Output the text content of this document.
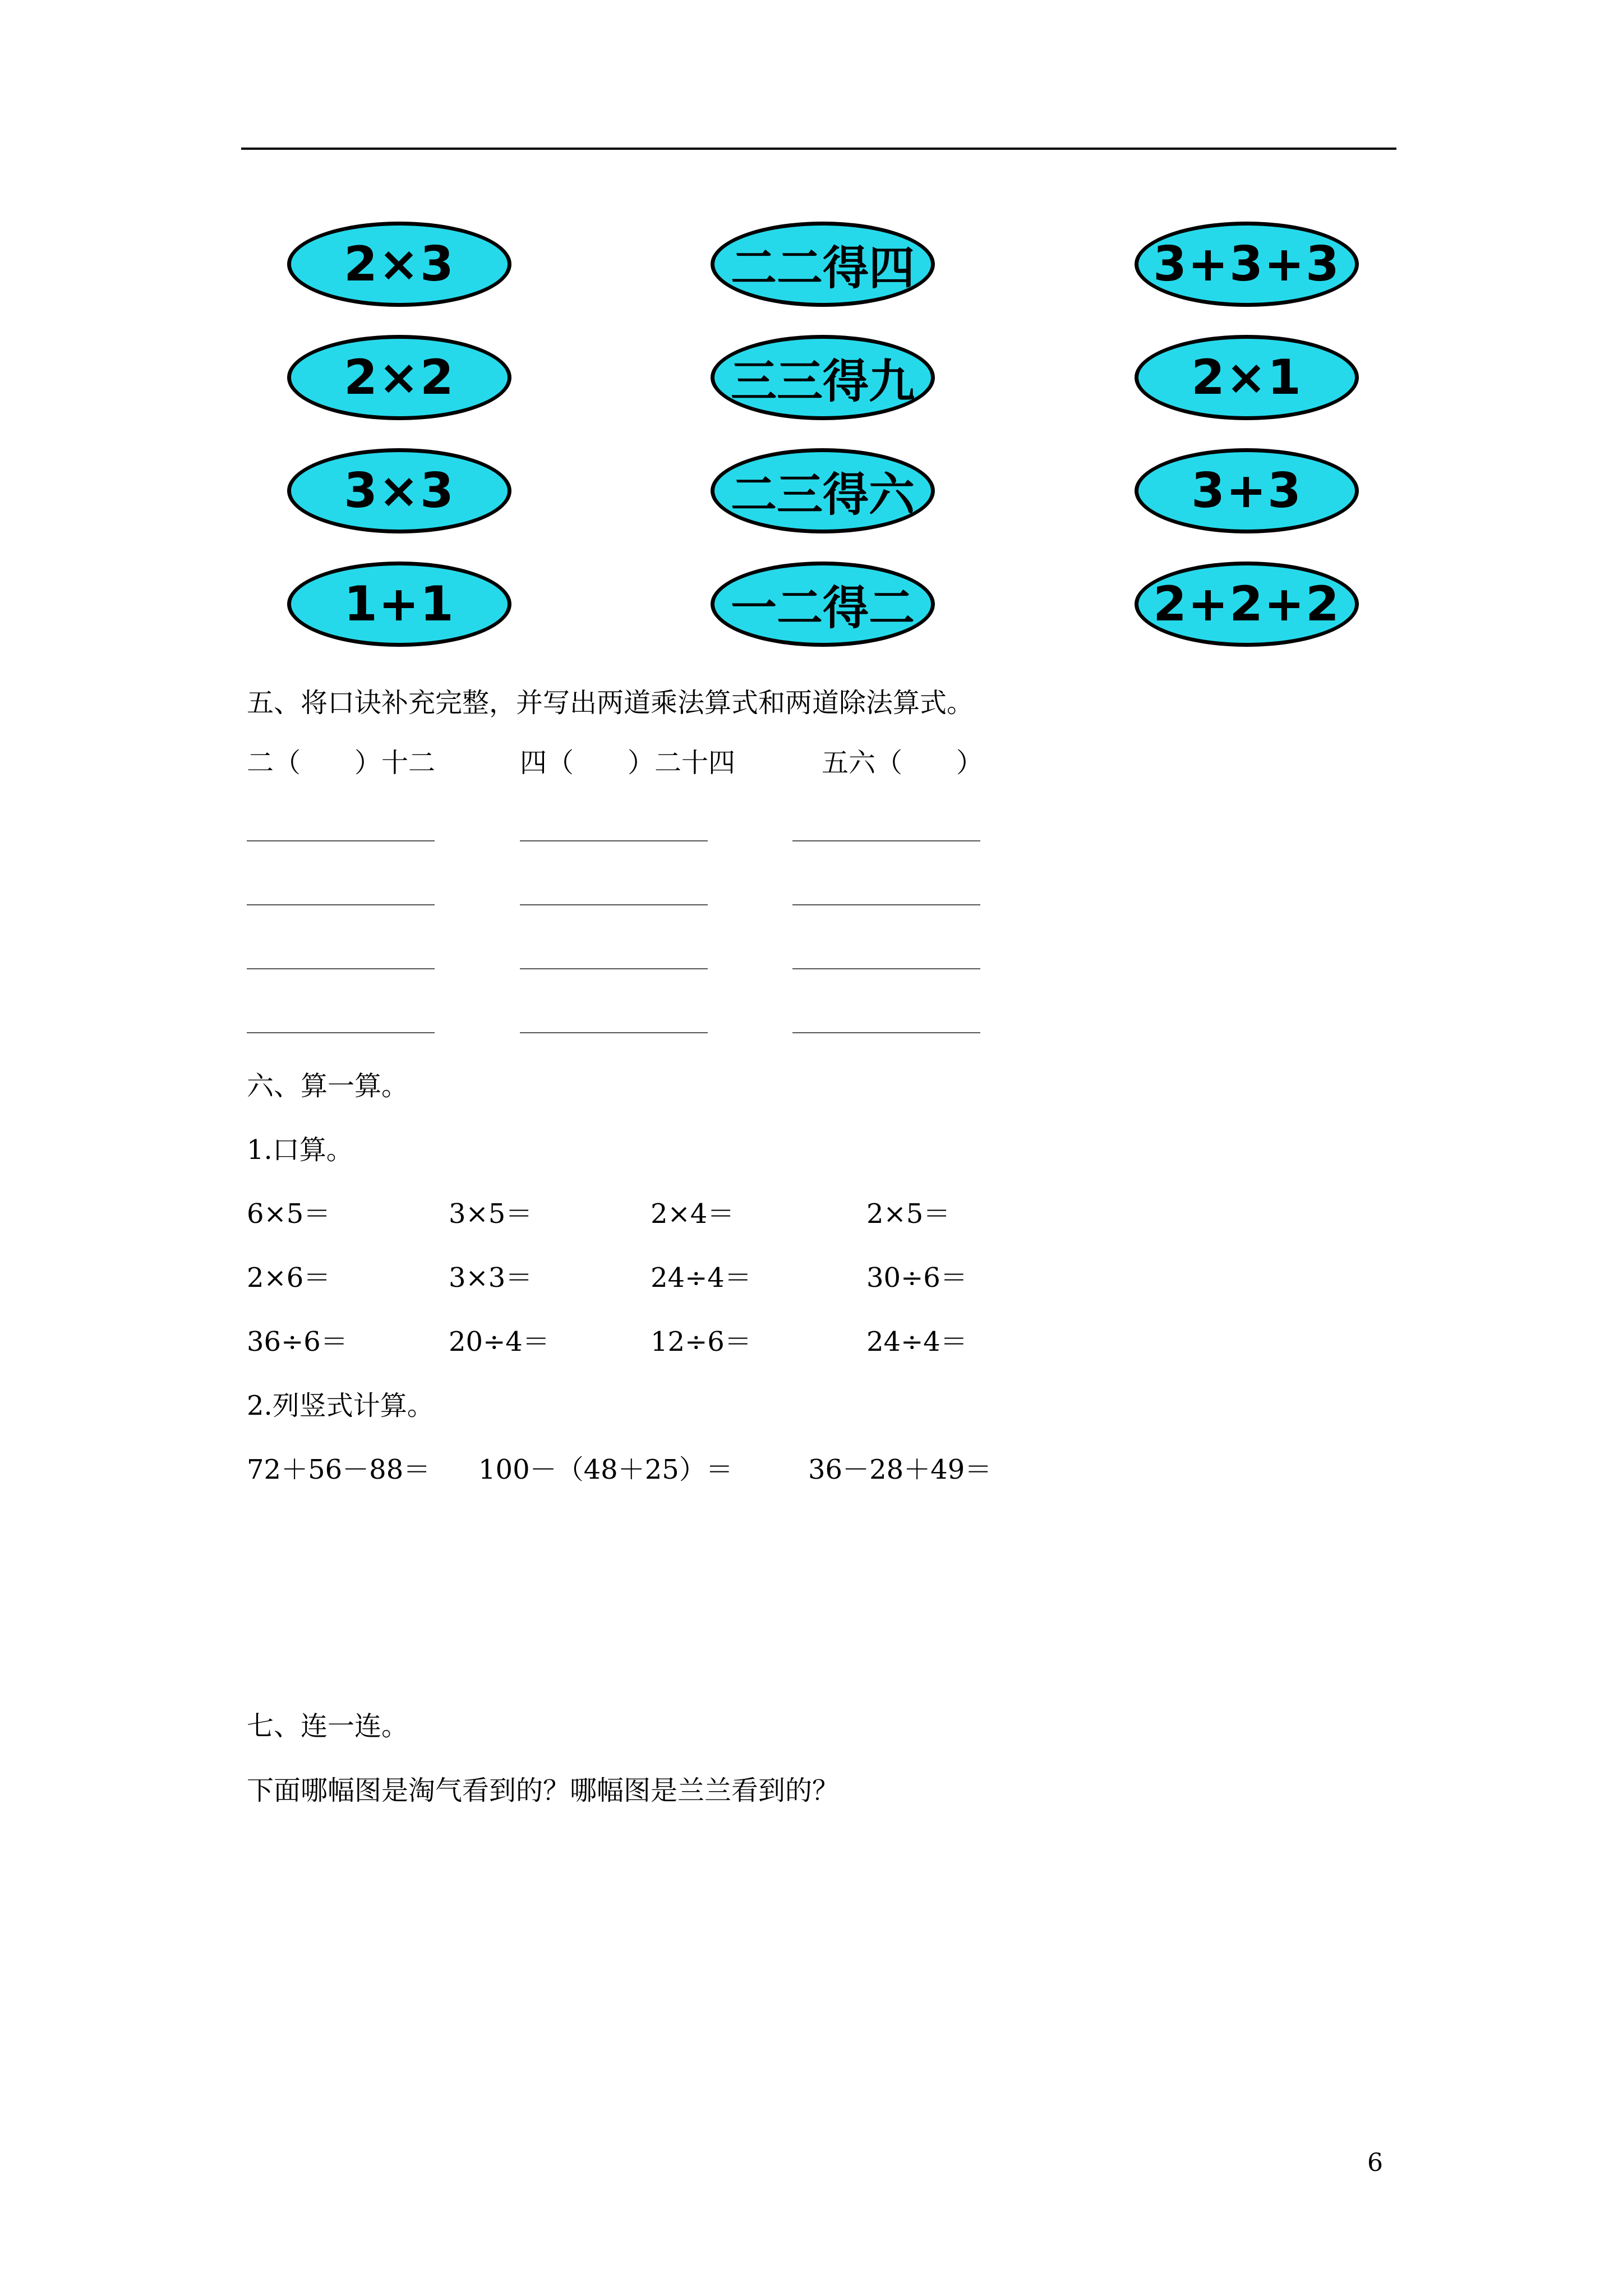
2×3
2×2
3×3
1+1
二二得四
三三得九
二三得六
一二得二
3+3+3
2×1
3+3
2+2+2
五、将口诀补充完整，并写出两道乘法算式和两道除法算式。
二（　　）十二	四（　　）二十四	五六（　　）
六、算一算。
1.口算。
6×5＝	3×5＝	2×4＝	2×5＝
2×6＝	3×3＝	24÷4＝	30÷6＝
36÷6＝	20÷4＝	12÷6＝	24÷4＝
2.列竖式计算。
72＋56－88＝ 100－（48＋25）＝	36－28＋49＝
七、连一连。
下面哪幅图是淘气看到的？哪幅图是兰兰看到的？
6
